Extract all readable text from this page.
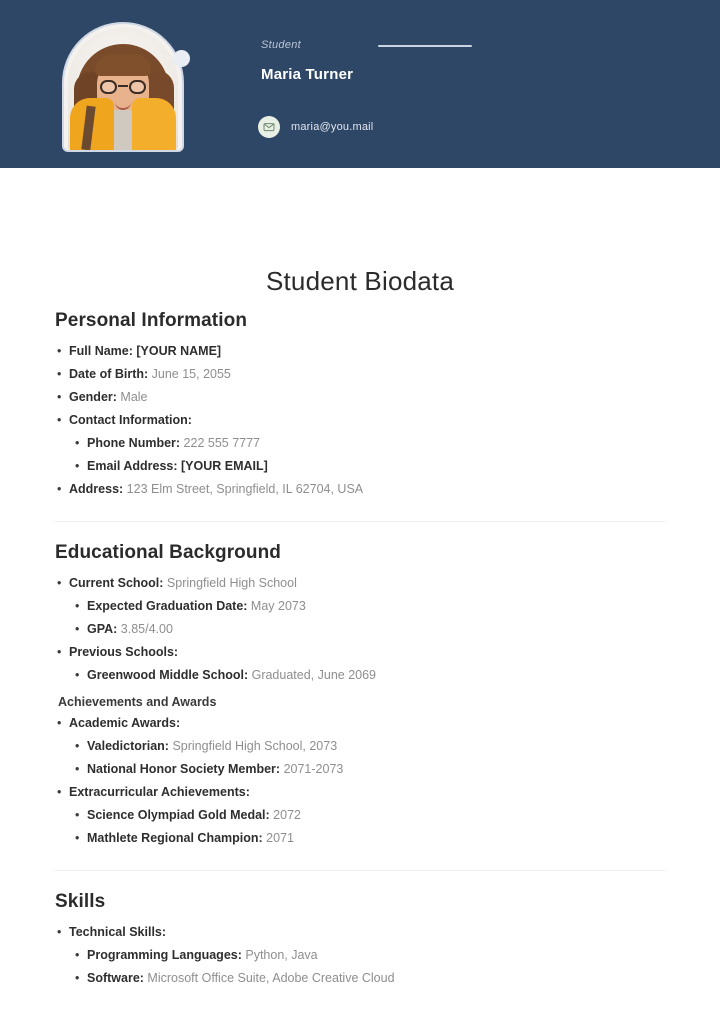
Student
Maria Turner
maria@you.mail
Student Biodata
Personal Information
• Full Name: [YOUR NAME]
• Date of Birth: June 15, 2055
• Gender: Male
• Contact Information:
• Phone Number: 222 555 7777
• Email Address: [YOUR EMAIL]
• Address: 123 Elm Street, Springfield, IL 62704, USA
Educational Background
• Current School: Springfield High School
• Expected Graduation Date: May 2073
• GPA: 3.85/4.00
• Previous Schools:
• Greenwood Middle School: Graduated, June 2069
Achievements and Awards
• Academic Awards:
• Valedictorian: Springfield High School, 2073
• National Honor Society Member: 2071-2073
• Extracurricular Achievements:
• Science Olympiad Gold Medal: 2072
• Mathlete Regional Champion: 2071
Skills
• Technical Skills:
• Programming Languages: Python, Java
• Software: Microsoft Office Suite, Adobe Creative Cloud
